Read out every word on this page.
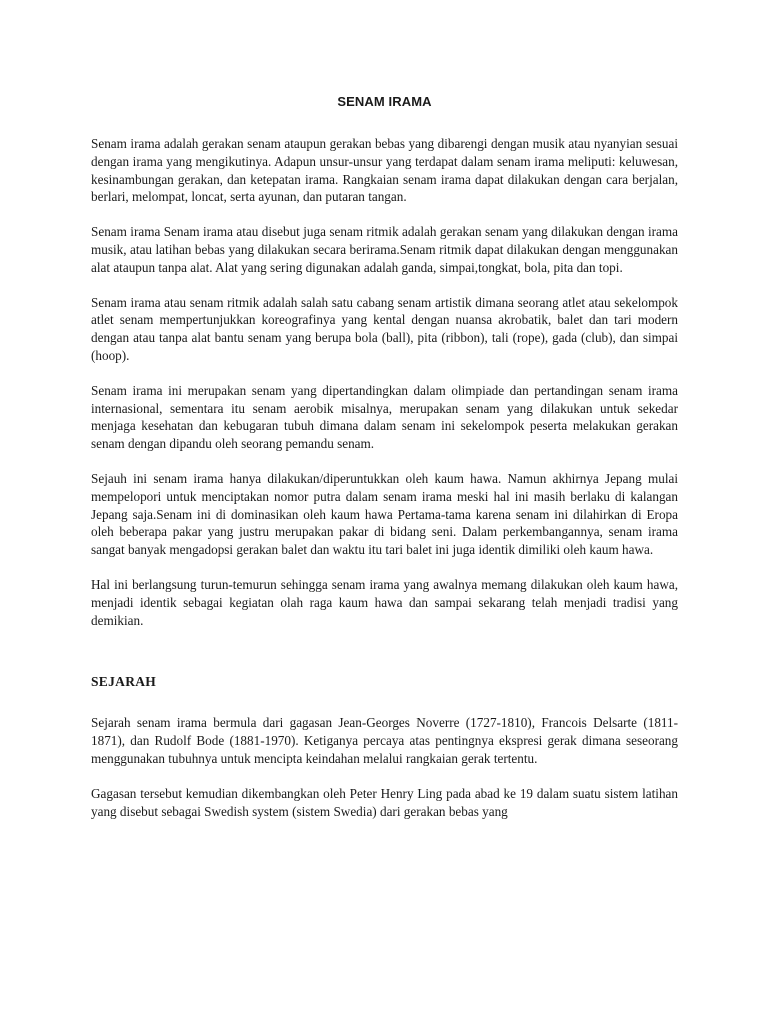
SENAM IRAMA

Senam irama adalah gerakan senam ataupun gerakan bebas yang dibarengi dengan musik atau nyanyian sesuai dengan irama yang mengikutinya. Adapun unsur-unsur yang terdapat dalam senam irama meliputi: keluwesan, kesinambungan gerakan, dan ketepatan irama. Rangkaian senam irama dapat dilakukan dengan cara berjalan, berlari, melompat, loncat, serta ayunan, dan putaran tangan.

Senam irama Senam irama atau disebut juga senam ritmik adalah gerakan senam yang dilakukan dengan irama musik, atau latihan bebas yang dilakukan secara berirama.Senam ritmik dapat dilakukan dengan menggunakan alat ataupun tanpa alat. Alat yang sering digunakan adalah ganda, simpai,tongkat, bola, pita dan topi.

Senam irama atau senam ritmik adalah salah satu cabang senam artistik dimana seorang atlet atau sekelompok atlet senam mempertunjukkan koreografinya yang kental dengan nuansa akrobatik, balet dan tari modern dengan atau tanpa alat bantu senam yang berupa bola (ball), pita (ribbon), tali (rope), gada (club), dan simpai (hoop).

Senam irama ini merupakan senam yang dipertandingkan dalam olimpiade dan pertandingan senam irama internasional, sementara itu senam aerobik misalnya, merupakan senam yang dilakukan untuk sekedar menjaga kesehatan dan kebugaran tubuh dimana dalam senam ini sekelompok peserta melakukan gerakan senam dengan dipandu oleh seorang pemandu senam.

Sejauh ini senam irama hanya dilakukan/diperuntukkan oleh kaum hawa. Namun akhirnya Jepang mulai mempelopori untuk menciptakan nomor putra dalam senam irama meski hal ini masih berlaku di kalangan Jepang saja.Senam ini di dominasikan oleh kaum hawa Pertama-tama karena senam ini dilahirkan di Eropa oleh beberapa pakar yang justru merupakan pakar di bidang seni. Dalam perkembangannya, senam irama sangat banyak mengadopsi gerakan balet dan waktu itu tari balet ini juga identik dimiliki oleh kaum hawa.

Hal ini berlangsung turun-temurun sehingga senam irama yang awalnya memang dilakukan oleh kaum hawa, menjadi identik sebagai kegiatan olah raga kaum hawa dan sampai sekarang telah menjadi tradisi yang demikian.

SEJARAH

Sejarah senam irama bermula dari gagasan Jean-Georges Noverre (1727-1810), Francois Delsarte (1811-1871), dan Rudolf Bode (1881-1970). Ketiganya percaya atas pentingnya ekspresi gerak dimana seseorang menggunakan tubuhnya untuk mencipta keindahan melalui rangkaian gerak tertentu.

Gagasan tersebut kemudian dikembangkan oleh Peter Henry Ling pada abad ke 19 dalam suatu sistem latihan yang disebut sebagai Swedish system (sistem Swedia) dari gerakan bebas yang
